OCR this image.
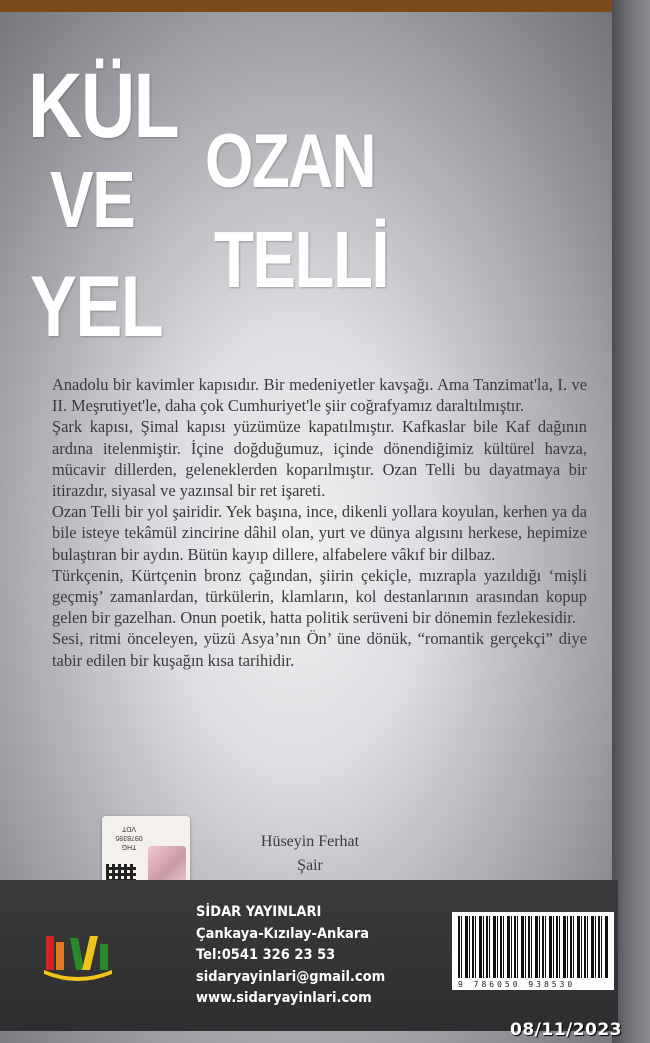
KÜL
VE
YEL
OZAN
TELLİ

Anadolu bir kavimler kapısıdır. Bir medeniyetler kavşağı. Ama Tanzimat'la, I. ve II. Meşrutiyet'le, daha çok Cumhuriyet'le şiir coğrafyamız daraltılmıştır.

Şark kapısı, Şimal kapısı yüzümüze kapatılmıştır. Kafkaslar bile Kaf dağının ardına itelenmiştir. İçine doğduğumuz, içinde dönendiğimiz kültürel havza, mücavir dillerden, geleneklerden koparılmıştır. Ozan Telli bu dayatmaya bir itirazdır, siyasal ve yazınsal bir ret işareti.

Ozan Telli bir yol şairidir. Yek başına, ince, dikenli yollara koyulan, kerhen ya da bile isteye tekâmül zincirine dâhil olan, yurt ve dünya algısını herkese, hepimize bulaştıran bir aydın. Bütün kayıp dillere, alfabelere vâkıf bir dilbaz.

Türkçenin, Kürtçenin bronz çağından, şiirin çekiçle, mızrapla yazıldığı ‘mişli geçmiş’ zamanlardan, türkülerin, klamların, kol destanlarının arasından kopup gelen bir gazelhan. Onun poetik, hatta politik serüveni bir dönemin fezlekesidir.

Sesi, ritmi önceleyen, yüzü Asya’nın Ön’ üne dönük, “romantik gerçekçi” diye tabir edilen bir kuşağın kısa tarihidir.

THG
0978395
VDT
Hüseyin Ferhat
Şair
SİDAR YAYINLARI
Çankaya-Kızılay-Ankara
Tel:0541 326 23 53
sidaryayinlari@gmail.com
www.sidaryayinlari.com
9 786050 938530
08/11/2023
